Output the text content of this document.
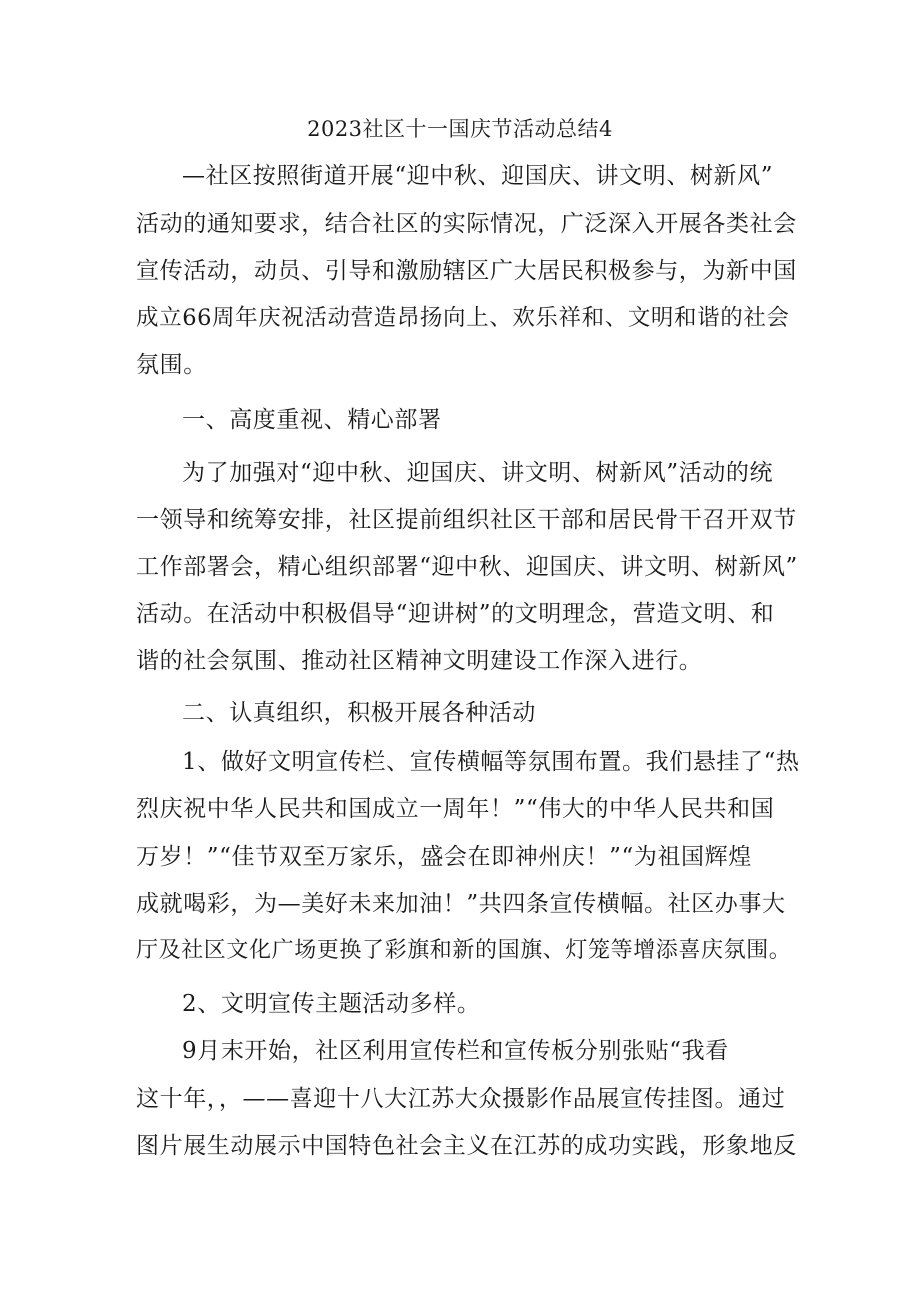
2023社区十一国庆节活动总结4
—社区按照街道开展“迎中秋、迎国庆、讲文明、树新风”
活动的通知要求，结合社区的实际情况，广泛深入开展各类社会
宣传活动，动员、引导和激励辖区广大居民积极参与，为新中国
成立66周年庆祝活动营造昂扬向上、欢乐祥和、文明和谐的社会
氛围。
一、高度重视、精心部署
为了加强对“迎中秋、迎国庆、讲文明、树新风”活动的统
一领导和统筹安排，社区提前组织社区干部和居民骨干召开双节
工作部署会，精心组织部署“迎中秋、迎国庆、讲文明、树新风”
活动。在活动中积极倡导“迎讲树”的文明理念，营造文明、和
谐的社会氛围、推动社区精神文明建设工作深入进行。
二、认真组织，积极开展各种活动
1、做好文明宣传栏、宣传横幅等氛围布置。我们悬挂了“热
烈庆祝中华人民共和国成立一周年！”“伟大的中华人民共和国
万岁！”“佳节双至万家乐，盛会在即神州庆！”“为祖国辉煌
成就喝彩，为—美好未来加油！”共四条宣传横幅。社区办事大
厅及社区文化广场更换了彩旗和新的国旗、灯笼等增添喜庆氛围。
2、文明宣传主题活动多样。
9月末开始，社区利用宣传栏和宣传板分别张贴“我看
这十年，，——喜迎十八大江苏大众摄影作品展宣传挂图。通过
图片展生动展示中国特色社会主义在江苏的成功实践，形象地反
